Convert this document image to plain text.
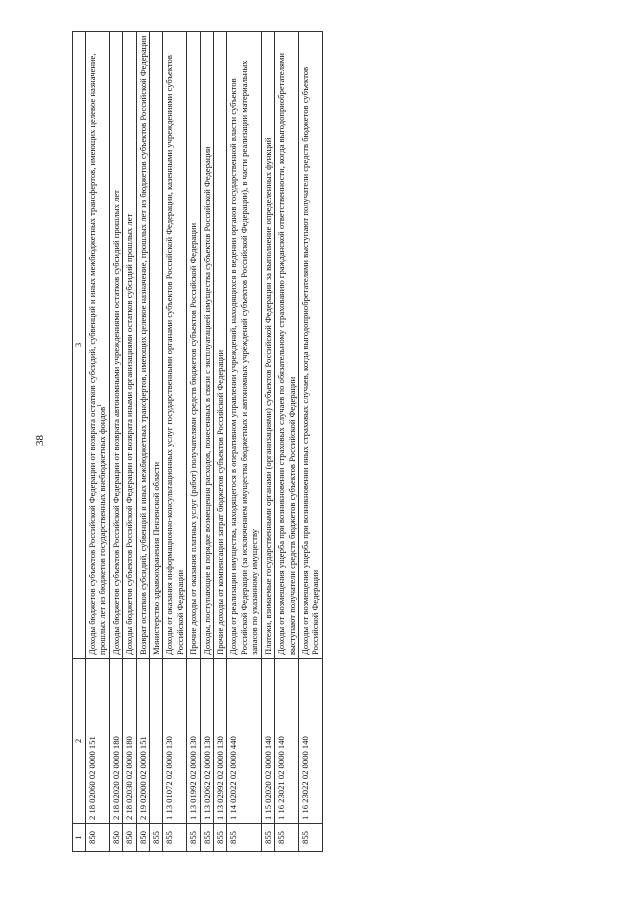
38
1	2	3
850	2 18 02060 02 0000 151	Доходы бюджетов субъектов Российской Федерации от возврата остатков субсидий, субвенций и иных межбюджетных трансфертов, имеющих целевое назначение, прошлых лет из бюджетов государственных внебюджетных фондов$^1$
850	2 18 02020 02 0000 180	Доходы бюджетов субъектов Российской Федерации от возврата автономными учреждениями остатков субсидий прошлых лет
850	2 18 02030 02 0000 180	Доходы бюджетов субъектов Российской Федерации от возврата иными организациями остатков субсидий прошлых лет
850	2 19 02000 02 0000 151	Возврат остатков субсидий, субвенций и иных межбюджетных трансфертов, имеющих целевое назначение, прошлых лет из бюджетов субъектов Российской Федерации
855		Министерство здравоохранения Пензенской области
855	1 13 01072 02 0000 130	Доходы от оказания информационно-консультационных услуг государственными органами субъектов Российской Федерации, казенными учреждениями субъектов Российской Федерации
855	1 13 01992 02 0000 130	Прочие доходы от оказания платных услуг (работ) получателями средств бюджетов субъектов Российской Федерации
855	1 13 02062 02 0000 130	Доходы, поступающие в порядке возмещения расходов, понесенных в связи с эксплуатацией имущества субъектов Российской Федерации
855	1 13 02992 02 0000 130	Прочие доходы от компенсации затрат бюджетов субъектов Российской Федерации
855	1 14 02022 02 0000 440	Доходы от реализации имущества, находящегося в оперативном управлении учреждений, находящихся в ведении органов государственной власти субъектов Российской Федерации (за исключением имущества бюджетных и автономных учреждений субъектов Российской Федерации), в части реализации материальных запасов по указанному имуществу
855	1 15 02020 02 0000 140	Платежи, взимаемые государственными органами (организациями) субъектов Российской Федерации за выполнение определенных функций
855	1 16 23021 02 0000 140	Доходы от возмещения ущерба при возникновении страховых случаев по обязательному страхованию гражданской ответственности, когда выгодоприобретателями выступают получатели средств бюджетов субъектов Российской Федерации
855	1 16 23022 02 0000 140	Доходы от возмещения ущерба при возникновении иных страховых случаев, когда выгодоприобретателями выступают получатели средств бюджетов субъектов Российской Федерации
